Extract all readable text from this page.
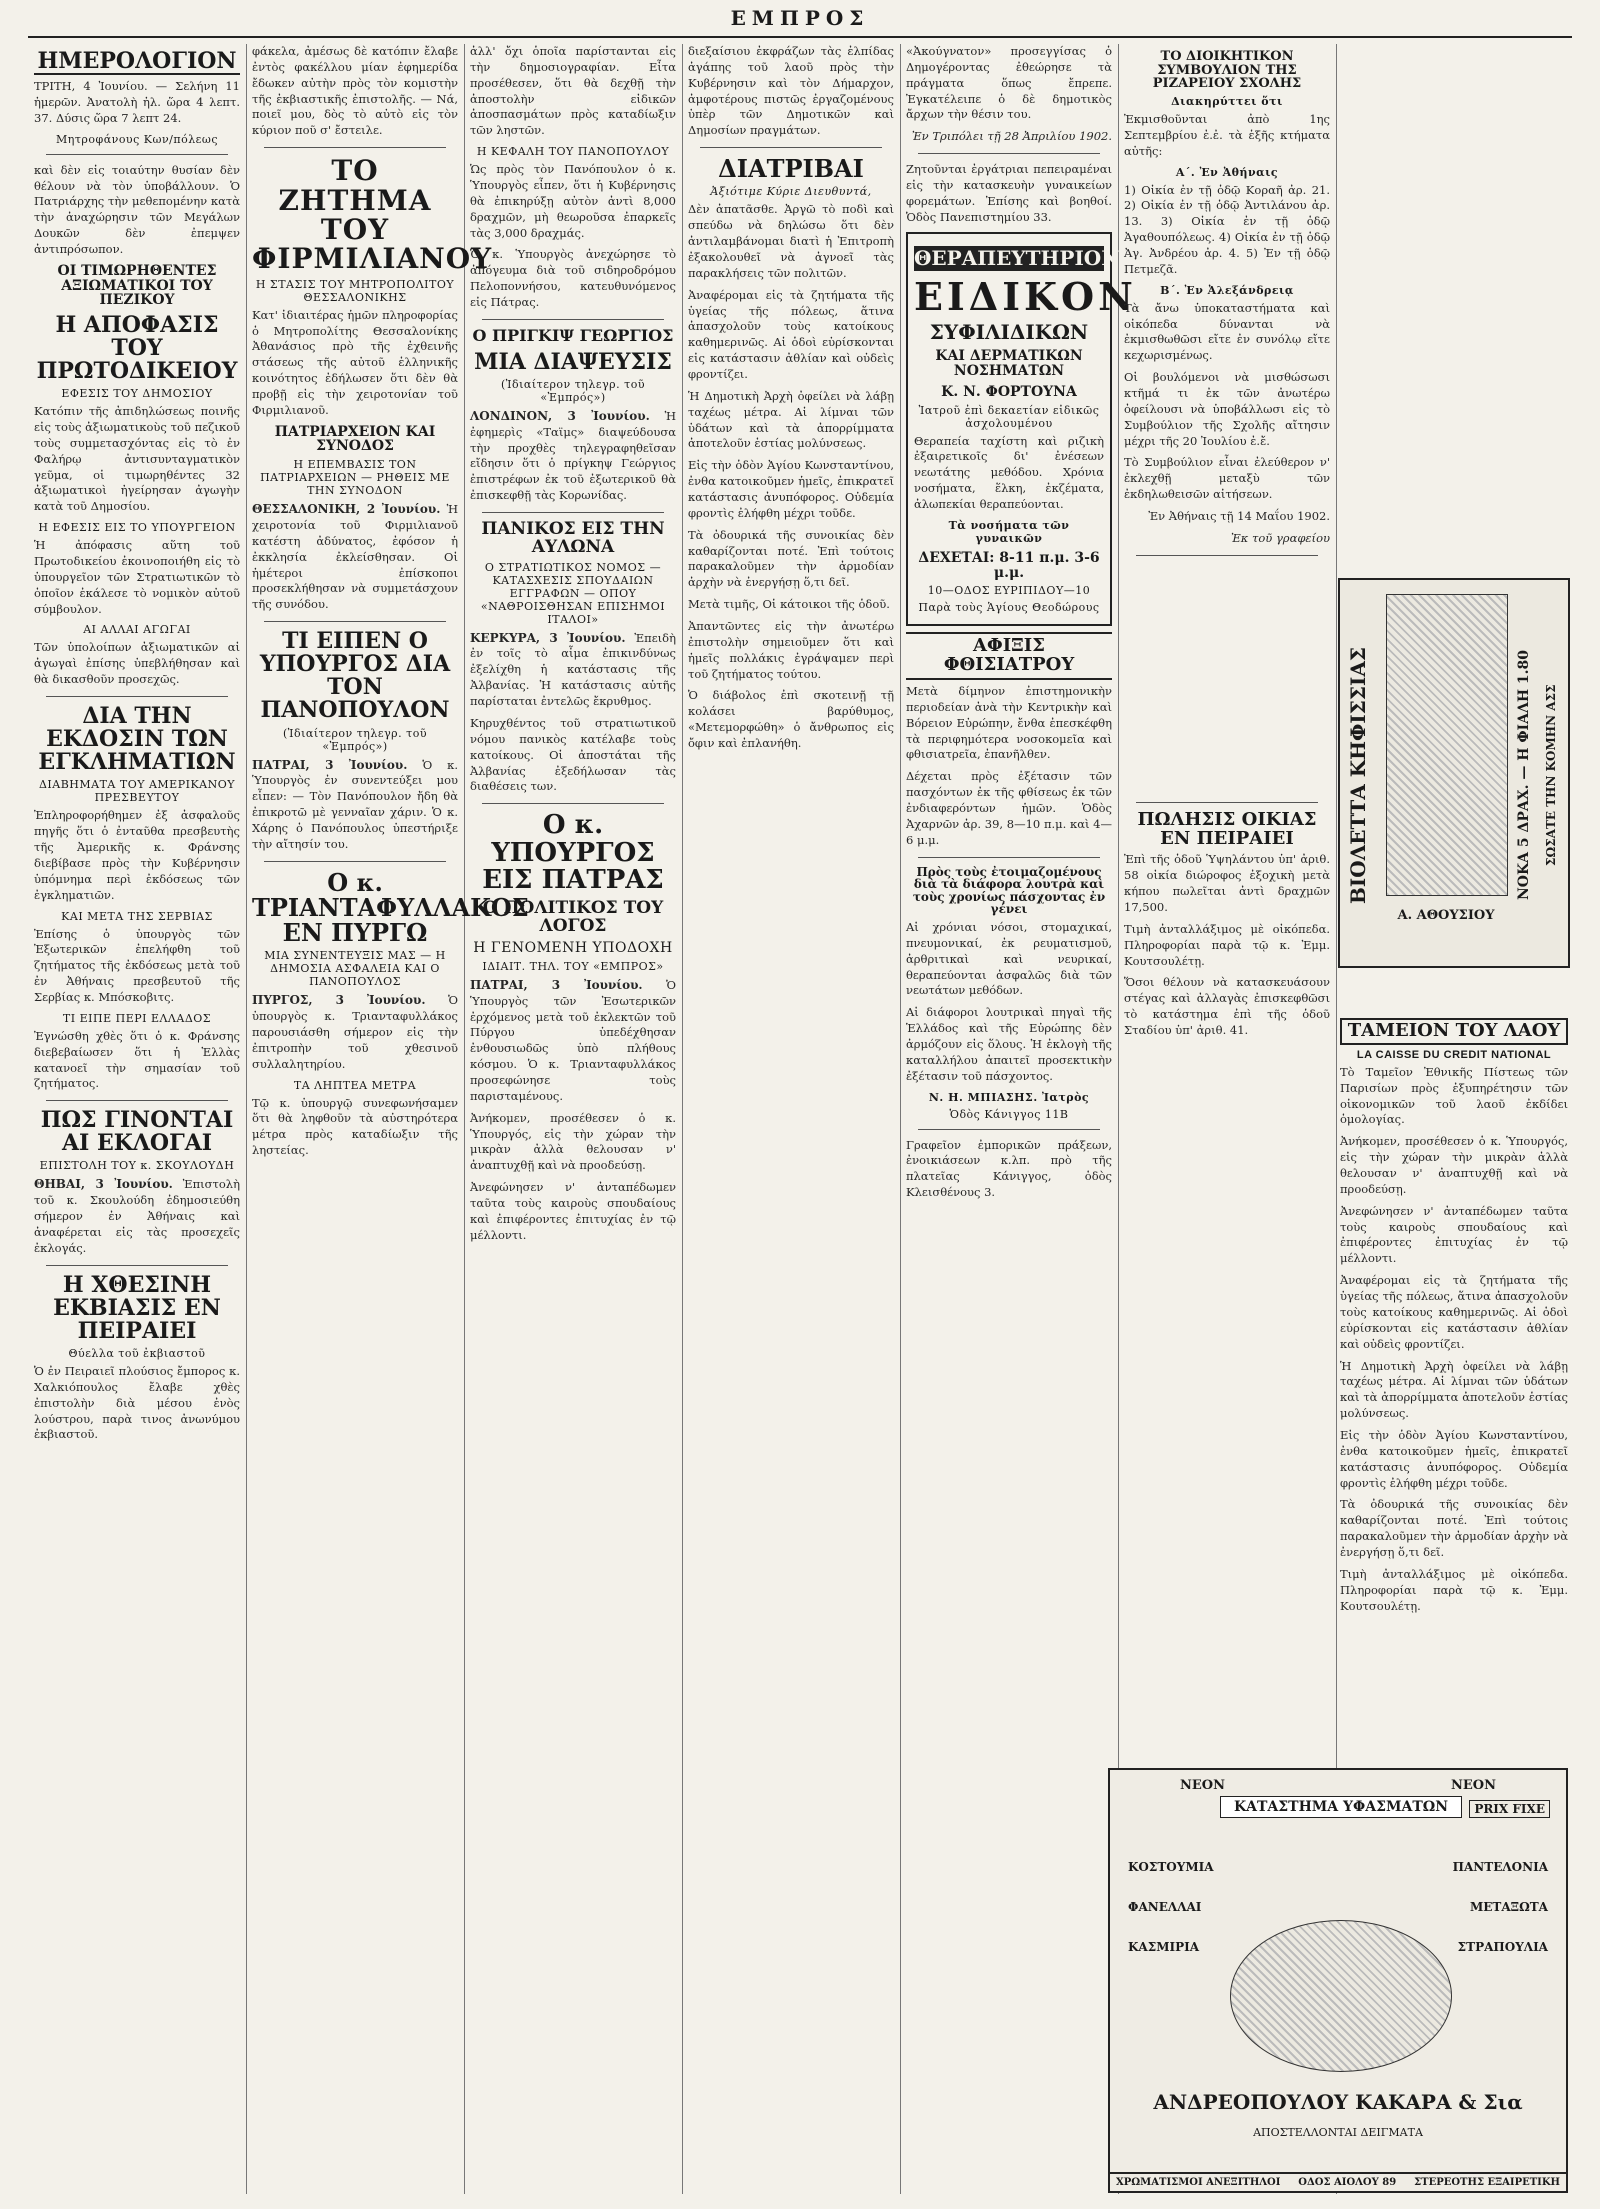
ΕΜΠΡΟΣ
ΗΜΕΡΟΛΟΓΙΟΝ

ΤΡΙΤΗ, 4 Ἰουνίου. — Σελήνη 11 ἡμερῶν. Ἀνατολὴ ἡλ. ὥρα 4 λεπτ. 37. Δύσις ὥρα 7 λεπτ 24.

Μητροφάνους Κων/πόλεως

καὶ δὲν εἰς τοιαύτην θυσίαν δὲν θέλουν νὰ τὸν ὑποβάλλουν. Ὁ Πατριάρχης τὴν μεθεπομένην κατὰ τὴν ἀναχώρησιν τῶν Μεγάλων Δουκῶν δὲν ἐπεμψεν ἀντιπρόσωπον.

ΟΙ ΤΙΜΩΡΗΘΕΝΤΕΣ ΑΞΙΩΜΑΤΙΚΟΙ ΤΟΥ ΠΕΖΙΚΟΥ
Η ΑΠΟΦΑΣΙΣ ΤΟΥ ΠΡΩΤΟΔΙΚΕΙΟΥ
ΕΦΕΣΙΣ ΤΟΥ ΔΗΜΟΣΙΟΥ

Κατόπιν τῆς ἀπιδηλώσεως ποινῆς εἰς τοὺς ἀξιωματικοὺς τοῦ πεζικοῦ τοὺς συμμετασχόντας εἰς τὸ ἐν Φαλήρῳ ἀντισυνταγματικὸν γεῦμα, οἱ τιμωρηθέντες 32 ἀξιωματικοὶ ἠγείρησαν ἀγωγὴν κατὰ τοῦ Δημοσίου.

Η ΕΦΕΣΙΣ ΕΙΣ ΤΟ ΥΠΟΥΡΓΕΙΟΝ

Ἡ ἀπόφασις αὕτη τοῦ Πρωτοδικείου ἐκοινοποιήθη εἰς τὸ ὑπουργεῖον τῶν Στρατιωτικῶν τὸ ὁποῖον ἐκάλεσε τὸ νομικὸν αὐτοῦ σύμβουλον.

ΑΙ ΑΛΛΑΙ ΑΓΩΓΑΙ

Τῶν ὑπολοίπων ἀξιωματικῶν αἱ ἀγωγαὶ ἐπίσης ὑπεβλήθησαν καὶ θὰ δικασθοῦν προσεχῶς.

ΔΙΑ ΤΗΝ ΕΚΔΟΣΙΝ ΤΩΝ ΕΓΚΛΗΜΑΤΙΩΝ
ΔΙΑΒΗΜΑΤΑ ΤΟΥ ΑΜΕΡΙΚΑΝΟΥ ΠΡΕΣΒΕΥΤΟΥ

Ἐπληροφορήθημεν ἐξ ἀσφαλοῦς πηγῆς ὅτι ὁ ἐνταῦθα πρεσβευτὴς τῆς Ἀμερικῆς κ. Φράνσης διεβίβασε πρὸς τὴν Κυβέρνησιν ὑπόμνημα περὶ ἐκδόσεως τῶν ἐγκληματιῶν.

ΚΑΙ ΜΕΤΑ ΤΗΣ ΣΕΡΒΙΑΣ

Ἐπίσης ὁ ὑπουργὸς τῶν Ἐξωτερικῶν ἐπελήφθη τοῦ ζητήματος τῆς ἐκδόσεως μετὰ τοῦ ἐν Ἀθήναις πρεσβευτοῦ τῆς Σερβίας κ. Μπόσκοβιτς.

ΤΙ ΕΙΠΕ ΠΕΡΙ ΕΛΛΑΔΟΣ

Ἐγνώσθη χθὲς ὅτι ὁ κ. Φράνσης διεβεβαίωσεν ὅτι ἡ Ἑλλὰς κατανοεῖ τὴν σημασίαν τοῦ ζητήματος.

ΠΩΣ ΓΙΝΟΝΤΑΙ ΑΙ ΕΚΛΟΓΑΙ
ΕΠΙΣΤΟΛΗ ΤΟΥ κ. ΣΚΟΥΛΟΥΔΗ

ΘΗΒΑΙ, 3 Ἰουνίου. Ἐπιστολὴ τοῦ κ. Σκουλούδη ἐδημοσιεύθη σήμερον ἐν Ἀθήναις καὶ ἀναφέρεται εἰς τὰς προσεχεῖς ἐκλογάς.

Η ΧΘΕΣΙΝΗ ΕΚΒΙΑΣΙΣ ΕΝ ΠΕΙΡΑΙΕΙ
Θύελλα τοῦ ἐκβιαστοῦ

Ὁ ἐν Πειραιεῖ πλούσιος ἔμπορος κ. Χαλκιόπουλος ἔλαβε χθὲς ἐπιστολὴν διὰ μέσου ἐνὸς λούστρου, παρὰ τινος ἀνωνύμου ἐκβιαστοῦ.

φάκελα, ἀμέσως δὲ κατόπιν ἔλαβε ἐντὸς φακέλλου μίαν ἐφημερίδα ἔδωκεν αὐτὴν πρὸς τὸν κομιστὴν τῆς ἐκβιαστικῆς ἐπιστολῆς. — Νά, ποιεῖ μου, δὸς τὸ αὐτὸ εἰς τὸν κύριον ποῦ σ' ἔστειλε.

ΤΟ ΖΗΤΗΜΑ ΤΟΥ ΦΙΡΜΙΛΙΑΝΟΥ
Η ΣΤΑΣΙΣ ΤΟΥ ΜΗΤΡΟΠΟΛΙΤΟΥ ΘΕΣΣΑΛΟΝΙΚΗΣ

Κατ' ἰδιαιτέρας ἡμῶν πληροφορίας ὁ Μητροπολίτης Θεσσαλονίκης Ἀθανάσιος πρὸ τῆς ἐχθεινῆς στάσεως τῆς αὐτοῦ ἑλληνικῆς κοινότητος ἐδήλωσεν ὅτι δὲν θὰ προβῇ εἰς τὴν χειροτονίαν τοῦ Φιρμιλιανοῦ.

ΠΑΤΡΙΑΡΧΕΙΟΝ ΚΑΙ ΣΥΝΟΔΟΣ
Η ΕΠΕΜΒΑΣΙΣ ΤΟΝ ΠΑΤΡΙΑΡΧΕΙΩΝ — ΡΗΘΕΙΣ ΜΕ ΤΗΝ ΣΥΝΟΔΟΝ

ΘΕΣΣΑΛΟΝΙΚΗ, 2 Ἰουνίου. Ἡ χειροτονία τοῦ Φιρμιλιανοῦ κατέστη ἀδύνατος, ἐφόσον ἡ ἐκκλησία ἐκλείσθησαν. Οἱ ἡμέτεροι ἐπίσκοποι προσεκλήθησαν νὰ συμμετάσχουν τῆς συνόδου.

ΤΙ ΕΙΠΕΝ Ο ΥΠΟΥΡΓΟΣ ΔΙΑ ΤΟΝ ΠΑΝΟΠΟΥΛΟΝ
(Ἰδιαίτερον τηλεγρ. τοῦ «Ἐμπρός»)

ΠΑΤΡΑΙ, 3 Ἰουνίου. Ὁ κ. Ὑπουργὸς ἐν συνεντεύξει μου εἶπεν: — Τὸν Πανόπουλον ἤδη θὰ ἐπικροτῶ μὲ γενναῖαν χάριν. Ὁ κ. Χάρης ὁ Πανόπουλος ὑπεστήριξε τὴν αἴτησίν του.

Ο κ. ΤΡΙΑΝΤΑΦΥΛΛΑΚΟΣ ΕΝ ΠΥΡΓΩ
ΜΙΑ ΣΥΝΕΝΤΕΥΞΙΣ ΜΑΣ — Η ΔΗΜΟΣΙΑ ΑΣΦΑΛΕΙΑ ΚΑΙ Ο ΠΑΝΟΠΟΥΛΟΣ

ΠΥΡΓΟΣ, 3 Ἰουνίου. Ὁ ὑπουργὸς κ. Τριανταφυλλάκος παρουσιάσθη σήμερον εἰς τὴν ἐπιτροπὴν τοῦ χθεσινοῦ συλλαλητηρίου.

ΤΑ ΛΗΠΤΕΑ ΜΕΤΡΑ

Τῷ κ. ὑπουργῷ συνεφωνήσαμεν ὅτι θὰ ληφθοῦν τὰ αὐστηρότερα μέτρα πρὸς καταδίωξιν τῆς ληστείας.

ἀλλ' ὄχι ὁποῖα παρίστανται εἰς τὴν δημοσιογραφίαν. Εἶτα προσέθεσεν, ὅτι θὰ δεχθῇ τὴν ἀποστολὴν εἰδικῶν ἀποσπασμάτων πρὸς καταδίωξιν τῶν ληστῶν.

Η ΚΕΦΑΛΗ ΤΟΥ ΠΑΝΟΠΟΥΛΟΥ

Ὡς πρὸς τὸν Πανόπουλον ὁ κ. Ὑπουργὸς εἶπεν, ὅτι ἡ Κυβέρνησις θὰ ἐπικηρύξῃ αὐτὸν ἀντὶ 8,000 δραχμῶν, μὴ θεωροῦσα ἐπαρκεῖς τὰς 3,000 δραχμάς.

Ὁ κ. Ὑπουργὸς ἀνεχώρησε τὸ ἀπόγευμα διὰ τοῦ σιδηροδρόμου Πελοποννήσου, κατευθυνόμενος εἰς Πάτρας.

Ο ΠΡΙΓΚΙΨ ΓΕΩΡΓΙΟΣ
ΜΙΑ ΔΙΑΨΕΥΣΙΣ
(Ἰδιαίτερον τηλεγρ. τοῦ «Ἐμπρός»)

ΛΟΝΔΙΝΟΝ, 3 Ἰουνίου. Ἡ ἐφημερὶς «Ταϊμς» διαψεύδουσα τὴν προχθὲς τηλεγραφηθεῖσαν εἴδησιν ὅτι ὁ πρίγκηψ Γεώργιος ἐπιστρέφων ἐκ τοῦ ἐξωτερικοῦ θὰ ἐπισκεφθῇ τὰς Κορωνίδας.

ΠΑΝΙΚΟΣ ΕΙΣ ΤΗΝ ΑΥΛΩΝΑ
Ο ΣΤΡΑΤΙΩΤΙΚΟΣ ΝΟΜΟΣ — ΚΑΤΑΣΧΕΣΙΣ ΣΠΟΥΔΑΙΩΝ ΕΓΓΡΑΦΩΝ — ΟΠΟΥ «ΝΑΘΡΟΙΣΘΗΣΑΝ ΕΠΙΣΗΜΟΙ ΙΤΑΛΟΙ»

ΚΕΡΚΥΡΑ, 3 Ἰουνίου. Ἐπειδὴ ἐν τοῖς τὸ αἷμα ἐπικινδύνως ἐξελίχθη ἡ κατάστασις τῆς Ἀλβανίας. Ἡ κατάστασις αὐτῆς παρίσταται ἐντελῶς ἔκρυθμος.

Κηρυχθέντος τοῦ στρατιωτικοῦ νόμου πανικὸς κατέλαβε τοὺς κατοίκους. Οἱ ἀποστάται τῆς Ἀλβανίας ἐξεδήλωσαν τὰς διαθέσεις των.

Ο κ. ΥΠΟΥΡΓΟΣ ΕΙΣ ΠΑΤΡΑΣ
Ο ΠΟΛΙΤΙΚΟΣ ΤΟΥ ΛΟΓΟΣ
Η ΓΕΝΟΜΕΝΗ ΥΠΟΔΟΧΗ
ΙΔΙΑΙΤ. ΤΗΛ. ΤΟΥ «ΕΜΠΡΟΣ»

ΠΑΤΡΑΙ, 3 Ἰουνίου. Ὁ Ὑπουργὸς τῶν Ἐσωτερικῶν ἐρχόμενος μετὰ τοῦ ἐκλεκτῶν τοῦ Πύργου ὑπεδέχθησαν ἐνθουσιωδῶς ὑπὸ πλήθους κόσμου. Ὁ κ. Τριανταφυλλάκος προσεφώνησε τοὺς παρισταμένους.

Ἀνήκομεν, προσέθεσεν ὁ κ. Ὑπουργός, εἰς τὴν χώραν τὴν μικρὰν ἀλλὰ θελουσαν ν' ἀναπτυχθῇ καὶ νὰ προοδεύσῃ.

Ἀνεφώνησεν ν' ἀνταπέδωμεν ταῦτα τοὺς καιροὺς σπουδαίους καὶ ἐπιφέροντες ἐπιτυχίας ἐν τῷ μέλλοντι.

διεξαίσιου ἐκφράζων τὰς ἐλπίδας ἀγάπης τοῦ λαοῦ πρὸς τὴν Κυβέρνησιν καὶ τὸν Δήμαρχον, ἀμφοτέρους πιστῶς ἐργαζομένους ὑπὲρ τῶν Δημοτικῶν καὶ Δημοσίων πραγμάτων.

ΔΙΑΤΡΙΒΑΙ
Ἀξιότιμε Κύριε Διευθυντά,

Δὲν ἀπατᾶσθε. Ἀργῶ τὸ ποδὶ καὶ σπεύδω νὰ δηλώσω ὅτι δὲν ἀντιλαμβάνομαι διατὶ ἡ Ἐπιτροπὴ ἐξακολουθεῖ νὰ ἀγνοεῖ τὰς παρακλήσεις τῶν πολιτῶν.

Ἀναφέρομαι εἰς τὰ ζητήματα τῆς ὑγείας τῆς πόλεως, ἅτινα ἀπασχολοῦν τοὺς κατοίκους καθημερινῶς. Αἱ ὁδοὶ εὑρίσκονται εἰς κατάστασιν ἀθλίαν καὶ οὐδεὶς φροντίζει.

Ἡ Δημοτικὴ Ἀρχὴ ὀφείλει νὰ λάβῃ ταχέως μέτρα. Αἱ λίμναι τῶν ὑδάτων καὶ τὰ ἀπορρίμματα ἀποτελοῦν ἑστίας μολύνσεως.

Εἰς τὴν ὁδὸν Ἀγίου Κωνσταντίνου, ἐνθα κατοικοῦμεν ἡμεῖς, ἐπικρατεῖ κατάστασις ἀνυπόφορος. Οὐδεμία φροντὶς ἐλήφθη μέχρι τοῦδε.

Τὰ ὀδουρικά τῆς συνοικίας δὲν καθαρίζονται ποτέ. Ἐπὶ τούτοις παρακαλοῦμεν τὴν ἀρμοδίαν ἀρχὴν νὰ ἐνεργήσῃ ὅ,τι δεῖ.

Μετὰ τιμῆς, Οἱ κάτοικοι τῆς ὁδοῦ.

Ἀπαντῶντες εἰς τὴν ἀνωτέρω ἐπιστολὴν σημειοῦμεν ὅτι καὶ ἡμεῖς πολλάκις ἐγράψαμεν περὶ τοῦ ζητήματος τούτου.

Ὁ διάβολος ἐπὶ σκοτεινῇ τῇ κολάσει βαρύθυμος, «Μετεμορφώθη» ὁ ἄνθρωπος εἰς ὄφιν καὶ ἐπλανήθη.

«Ἀκούγνατον» προσεγγίσας ὁ Δημογέροντας ἐθεώρησε τὰ πράγματα ὅπως ἔπρεπε. Ἐγκατέλειπε ὁ δὲ δημοτικὸς ἄρχων τὴν θέσιν του.

Ἐν Τριπόλει τῇ 28 Ἀπριλίου 1902.

Ζητοῦνται ἐργάτριαι πεπειραμέναι εἰς τὴν κατασκευὴν γυναικείων φορεμάτων. Ἐπίσης καὶ βοηθοί. Ὁδὸς Πανεπιστημίου 33.

ΘΕΡΑΠΕΥΤΗΡΙΟΝ
ΕΙΔΙΚΟΝ
ΣΥΦΙΛΙΔΙΚΩΝ
ΚΑΙ ΔΕΡΜΑΤΙΚΩΝ ΝΟΣΗΜΑΤΩΝ
Κ. Ν. ΦΟΡΤΟΥΝΑ
Ἰατροῦ ἐπὶ δεκαετίαν εἰδικῶς ἀσχολουμένου

Θεραπεία ταχίστη καὶ ριζικὴ ἐξαιρετικοῖς δι' ἐνέσεων νεωτάτης μεθόδου. Χρόνια νοσήματα, ἕλκη, ἐκζέματα, ἀλωπεκίαι θεραπεύονται.

Τὰ νοσήματα τῶν γυναικῶν
ΔΕΧΕΤΑΙ: 8-11 π.μ. 3-6 μ.μ.
10—ΟΔΟΣ ΕΥΡΙΠΙΔΟΥ—10
Παρὰ τοὺς Ἁγίους Θεοδώρους
ΑΦΙΞΙΣ ΦΘΙΣΙΑΤΡΟΥ

Μετὰ δίμηνον ἐπιστημονικὴν περιοδείαν ἀνὰ τὴν Κεντρικὴν καὶ Βόρειον Εὐρώπην, ἔνθα ἐπεσκέφθη τὰ περιφημότερα νοσοκομεῖα καὶ φθισιατρεῖα, ἐπανῆλθεν.

Δέχεται πρὸς ἐξέτασιν τῶν πασχόντων ἐκ τῆς φθίσεως ἐκ τῶν ἐνδιαφερόντων ἡμῶν. Ὁδὸς Ἀχαρνῶν ἀρ. 39, 8—10 π.μ. καὶ 4—6 μ.μ.

Πρὸς τοὺς ἐτοιμαζομένους διὰ τὰ διάφορα λουτρὰ καὶ τοὺς χρονίως πάσχοντας ἐν γένει

Αἱ χρόνιαι νόσοι, στομαχικαί, πνευμονικαί, ἐκ ρευματισμοῦ, ἀρθριτικαὶ καὶ νευρικαί, θεραπεύονται ἀσφαλῶς διὰ τῶν νεωτάτων μεθόδων.

Αἱ διάφοροι λουτρικαὶ πηγαὶ τῆς Ἑλλάδος καὶ τῆς Εὐρώπης δὲν ἀρμόζουν εἰς ὅλους. Ἡ ἐκλογὴ τῆς καταλλήλου ἀπαιτεῖ προσεκτικὴν ἐξέτασιν τοῦ πάσχοντος.

Ν. Η. ΜΠΙΑΣΗΣ. Ἰατρὸς
Ὁδὸς Κάνιγγος 11Β

Γραφεῖον ἐμπορικῶν πράξεων, ἐνοικιάσεων κ.λπ. πρὸ τῆς πλατεῖας Κάνιγγος, ὁδὸς Κλεισθένους 3.

ΤΟ ΔΙΟΙΚΗΤΙΚΟΝ ΣΥΜΒΟΥΛΙΟΝ ΤΗΣ ΡΙΖΑΡΕΙΟΥ ΣΧΟΛΗΣ
Διακηρύττει ὅτι

Ἐκμισθοῦνται ἀπὸ 1ης Σεπτεμβρίου ἐ.ἐ. τὰ ἑξῆς κτήματα αὐτῆς:

Α΄. Ἐν Ἀθήναις

1) Οἰκία ἐν τῇ ὁδῷ Κοραῆ ἀρ. 21. 2) Οἰκία ἐν τῇ ὁδῷ Ἀντιλάνου ἀρ. 13. 3) Οἰκία ἐν τῇ ὁδῷ Ἀγαθουπόλεως. 4) Οἰκία ἐν τῇ ὁδῷ Ἀγ. Ἀνδρέου ἀρ. 4. 5) Ἐν τῇ ὁδῷ Πετμεζᾶ.

Β΄. Ἐν Ἀλεξάνδρειᾳ

Τὰ ἄνω ὑποκαταστήματα καὶ οἰκόπεδα δύνανται νὰ ἐκμισθωθῶσι εἴτε ἐν συνόλῳ εἴτε κεχωρισμένως.

Οἱ βουλόμενοι νὰ μισθώσωσι κτῆμά τι ἐκ τῶν ἀνωτέρω ὀφείλουσι νὰ ὑποβάλλωσι εἰς τὸ Συμβούλιον τῆς Σχολῆς αἴτησιν μέχρι τῆς 20 Ἰουλίου ἐ.ἔ.

Τὸ Συμβούλιον εἶναι ἐλεύθερον ν' ἐκλεχθῇ μεταξὺ τῶν ἐκδηλωθεισῶν αἰτήσεων.

Ἐν Ἀθήναις τῇ 14 Μαΐου 1902.

Ἐκ τοῦ γραφείου

ΠΩΛΗΣΙΣ ΟΙΚΙΑΣ ΕΝ ΠΕΙΡΑΙΕΙ

Ἐπὶ τῆς ὁδοῦ Ὑψηλάντου ὑπ' ἀριθ. 58 οἰκία διώροφος ἐξοχικὴ μετὰ κήπου πωλεῖται ἀντὶ δραχμῶν 17,500.

Τιμὴ ἀνταλλάξιμος μὲ οἰκόπεδα. Πληροφορίαι παρὰ τῷ κ. Ἐμμ. Κουτσουλέτῃ.

Ὅσοι θέλουν νὰ κατασκευάσουν στέγας καὶ ἀλλαγὰς ἐπισκεφθῶσι τὸ κατάστημα ἐπὶ τῆς ὁδοῦ Σταδίου ὑπ' ἀριθ. 41.

ΒΙΟΛΕΤΤΑ ΚΗΦΙΣΣΙΑΣ
Α. ΑΘΟΥΣΙΟΥ
ΝΟΚΑ 5 ΔΡΑΧ. — Η ΦΙΑΛΗ 1.80 ΣΩΣΑΤΕ ΤΗΝ ΚΟΜΗΝ ΑΣΣ
ΤΑΜΕΙΟΝ ΤΟΥ ΛΑΟΥ
LA CAISSE DU CREDIT NATIONAL

Τὸ Ταμεῖον Ἐθνικῆς Πίστεως τῶν Παρισίων πρὸς ἐξυπηρέτησιν τῶν οἰκονομικῶν τοῦ λαοῦ ἐκδίδει ὁμολογίας.

Ἀνήκομεν, προσέθεσεν ὁ κ. Ὑπουργός, εἰς τὴν χώραν τὴν μικρὰν ἀλλὰ θελουσαν ν' ἀναπτυχθῇ καὶ νὰ προοδεύσῃ.

Ἀνεφώνησεν ν' ἀνταπέδωμεν ταῦτα τοὺς καιροὺς σπουδαίους καὶ ἐπιφέροντες ἐπιτυχίας ἐν τῷ μέλλοντι.

Ἀναφέρομαι εἰς τὰ ζητήματα τῆς ὑγείας τῆς πόλεως, ἅτινα ἀπασχολοῦν τοὺς κατοίκους καθημερινῶς. Αἱ ὁδοὶ εὑρίσκονται εἰς κατάστασιν ἀθλίαν καὶ οὐδεὶς φροντίζει.

Ἡ Δημοτικὴ Ἀρχὴ ὀφείλει νὰ λάβῃ ταχέως μέτρα. Αἱ λίμναι τῶν ὑδάτων καὶ τὰ ἀπορρίμματα ἀποτελοῦν ἑστίας μολύνσεως.

Εἰς τὴν ὁδὸν Ἀγίου Κωνσταντίνου, ἐνθα κατοικοῦμεν ἡμεῖς, ἐπικρατεῖ κατάστασις ἀνυπόφορος. Οὐδεμία φροντὶς ἐλήφθη μέχρι τοῦδε.

Τὰ ὀδουρικά τῆς συνοικίας δὲν καθαρίζονται ποτέ. Ἐπὶ τούτοις παρακαλοῦμεν τὴν ἀρμοδίαν ἀρχὴν νὰ ἐνεργήσῃ ὅ,τι δεῖ.

Τιμὴ ἀνταλλάξιμος μὲ οἰκόπεδα. Πληροφορίαι παρὰ τῷ κ. Ἐμμ. Κουτσουλέτῃ.

ΝΕΟΝ	ΝΕΟΝ
ΚΑΤΑΣΤΗΜΑ ΥΦΑΣΜΑΤΩΝ	PRIX FIXE
ΚΟΣΤΟΥΜΙΑ
ΦΑΝΕΛΛΑΙ
ΠΑΝΤΕΛΟΝΙΑ
ΜΕΤΑΞΩΤΑ
ΣΤΡΑΠΟΥΛΙΑ
ΚΑΣΜΙΡΙΑ
ΑΝΔΡΕΟΠΟΥΛΟΥ ΚΑΚΑΡΑ & Σια
ΑΠΟΣΤΕΛΛΟΝΤΑΙ ΔΕΙΓΜΑΤΑ
ΧΡΩΜΑΤΙΣΜΟΙ ΑΝΕΞΙΤΗΛΟΙ ΟΔΟΣ ΑΙΟΛΟΥ 89 ΣΤΕΡΕΟΤΗΣ ΕΞΑΙΡΕΤΙΚΗ
